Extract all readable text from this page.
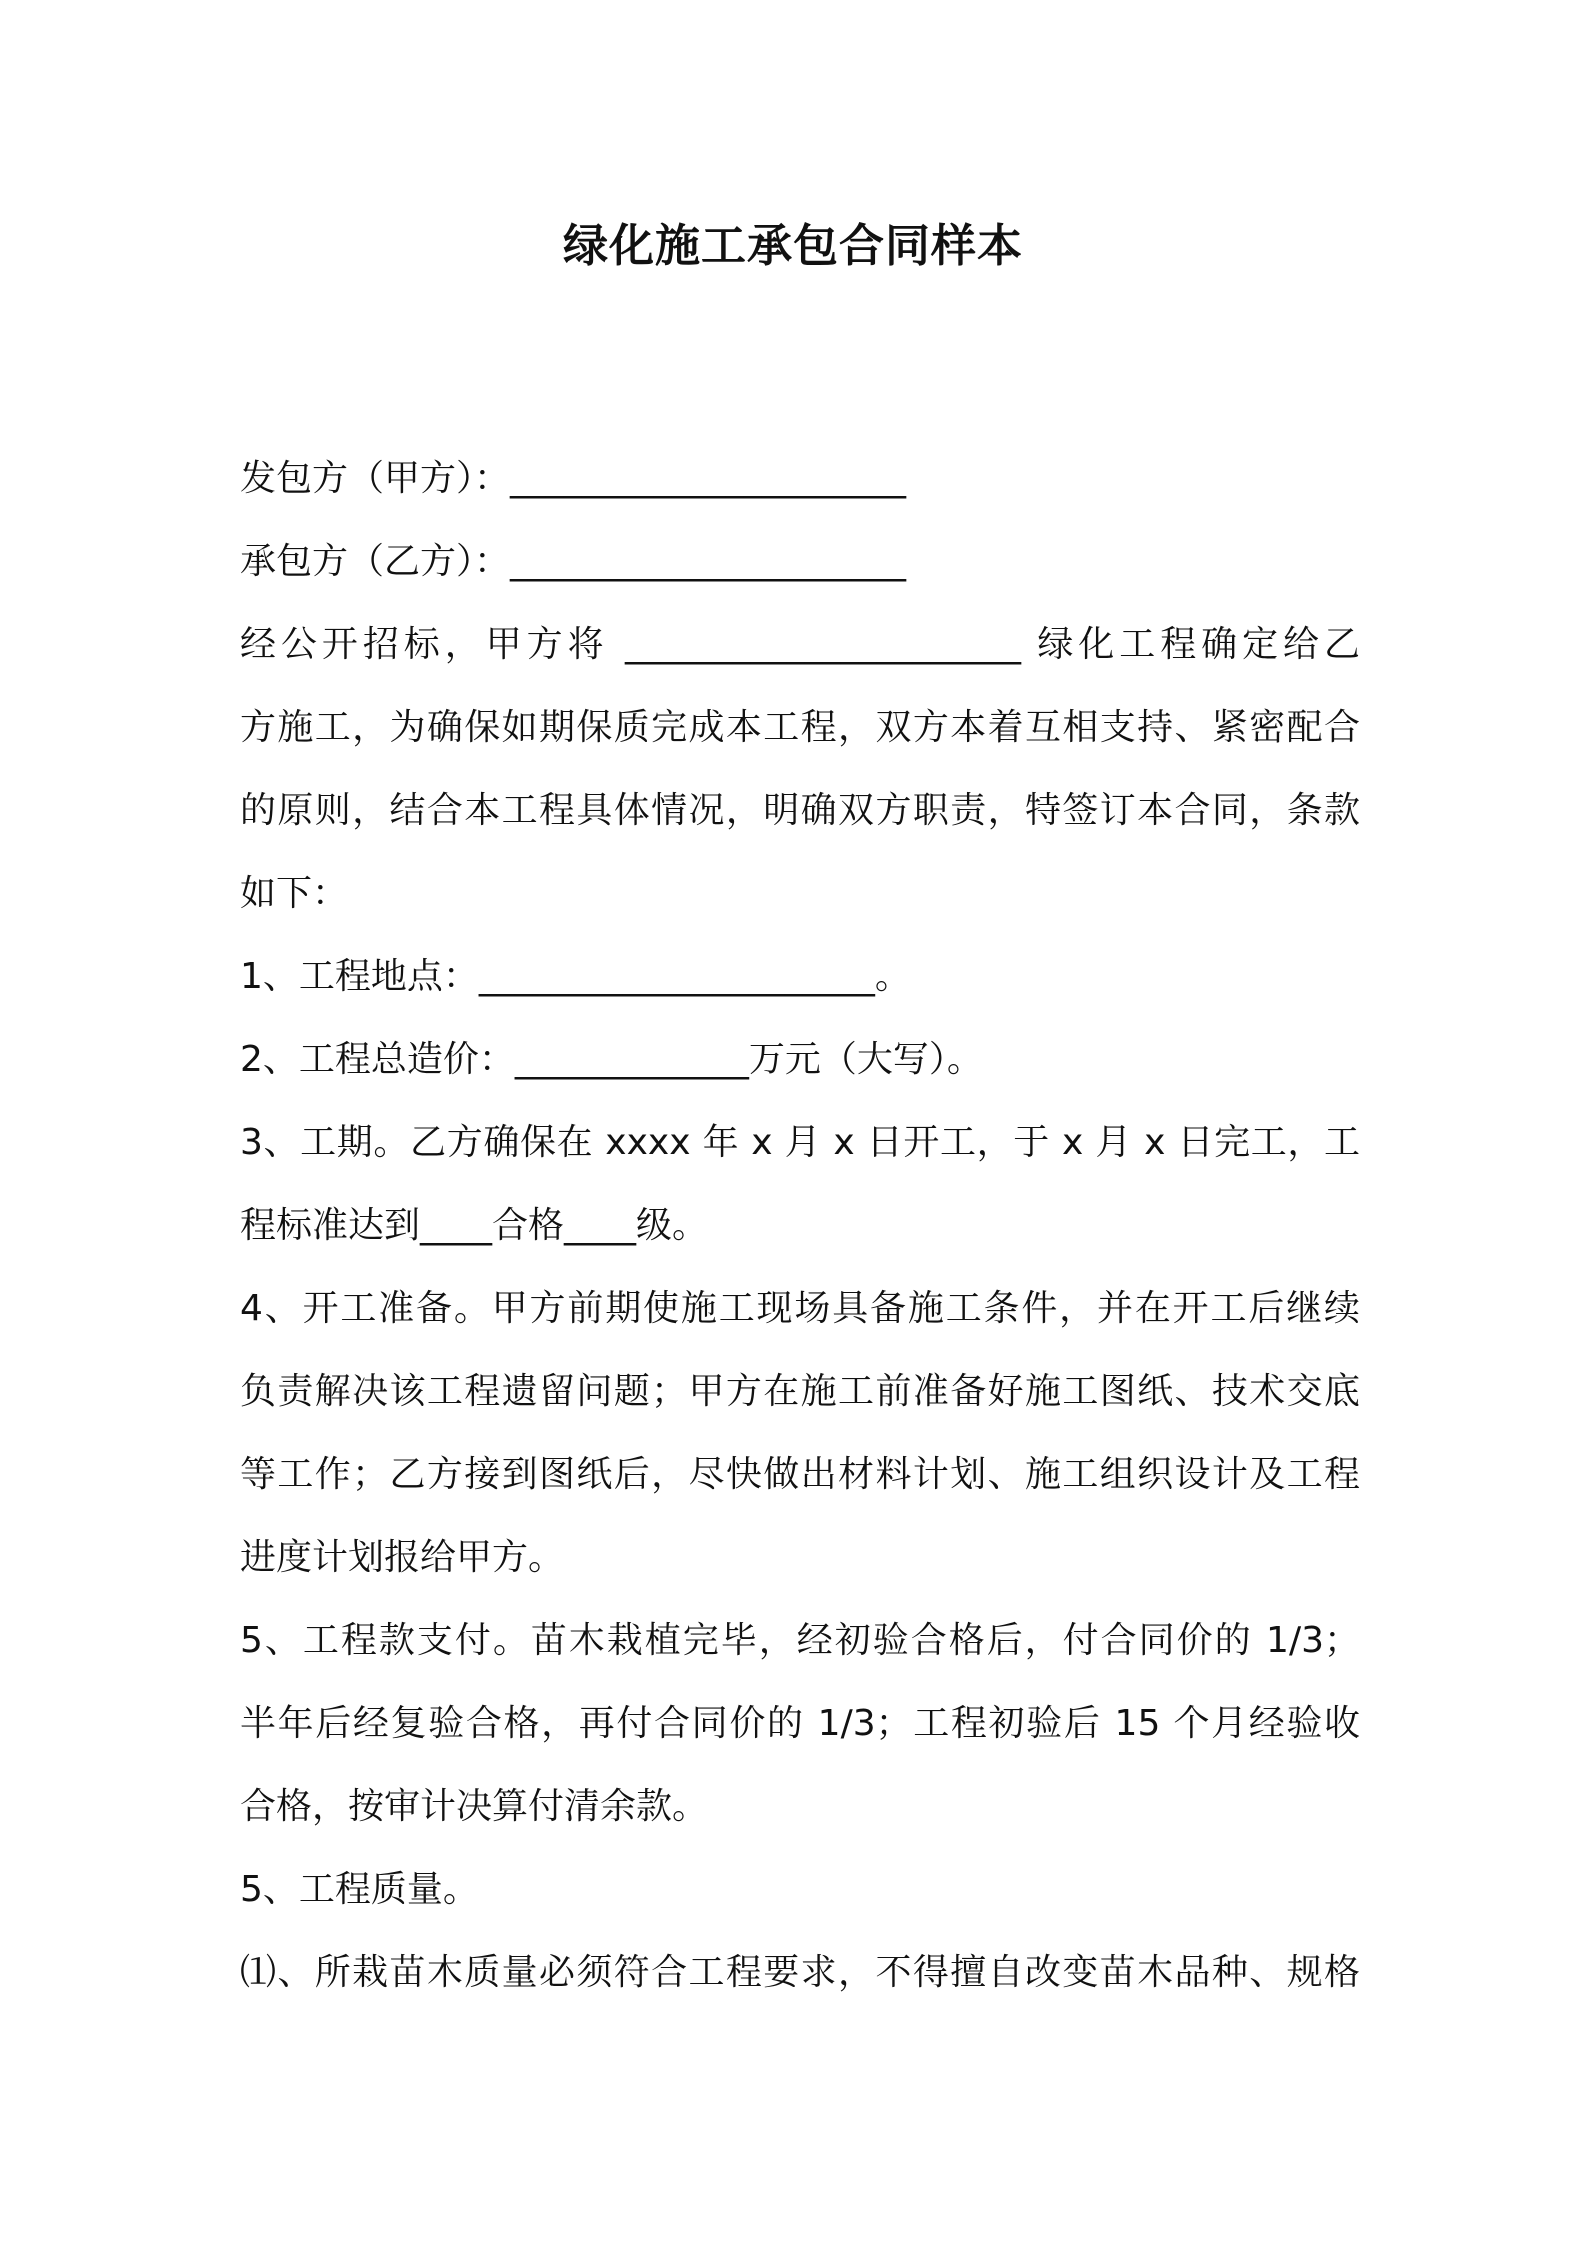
绿化施工承包合同样本

发包方（甲方）：______________________

承包方（乙方）：______________________

经公开招标，甲方将 ______________________ 绿化工程确定给乙

方施工，为确保如期保质完成本工程，双方本着互相支持、紧密配合

的原则，结合本工程具体情况，明确双方职责，特签订本合同，条款

如下：

1、工程地点：______________________。

2、工程总造价：_____________万元（大写）。

3、工期。乙方确保在 xxxx 年 x 月 x 日开工，于 x 月 x 日完工，工

程标准达到____合格____级。

4、开工准备。甲方前期使施工现场具备施工条件，并在开工后继续

负责解决该工程遗留问题；甲方在施工前准备好施工图纸、技术交底

等工作；乙方接到图纸后，尽快做出材料计划、施工组织设计及工程

进度计划报给甲方。

5、工程款支付。苗木栽植完毕，经初验合格后，付合同价的 1/3；

半年后经复验合格，再付合同价的 1/3；工程初验后 15 个月经验收

合格，按审计决算付清余款。

5、工程质量。

⑴、所栽苗木质量必须符合工程要求，不得擅自改变苗木品种、规格
